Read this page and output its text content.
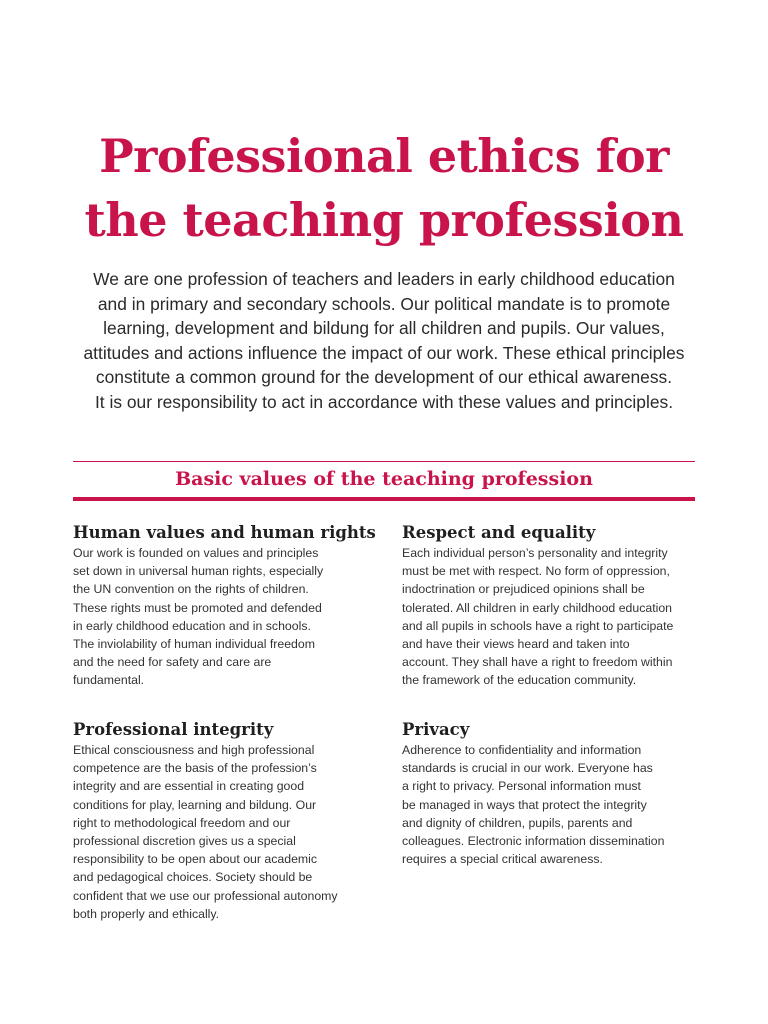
Professional ethics for
the teaching profession

We are one profession of teachers and leaders in early childhood education
and in primary and secondary schools. Our political mandate is to promote
learning, development and bildung for all children and pupils. Our values,
attitudes and actions influence the impact of our work. These ethical principles
constitute a common ground for the development of our ethical awareness.
It is our responsibility to act in accordance with these values and principles.

Basic values of the teaching profession
Human values and human rights

Our work is founded on values and principles
set down in universal human rights, especially
the UN convention on the rights of children.
These rights must be promoted and defended
in early childhood education and in schools.
The inviolability of human individual freedom
and the need for safety and care are
fundamental.

Respect and equality

Each individual person’s personality and integrity
must be met with respect. No form of oppression,
indoctrination or prejudiced opinions shall be
tolerated. All children in early childhood education
and all pupils in schools have a right to participate
and have their views heard and taken into
account. They shall have a right to freedom within
the framework of the education community.

Professional integrity

Ethical consciousness and high professional
competence are the basis of the profession’s
integrity and are essential in creating good
conditions for play, learning and bildung. Our
right to methodological freedom and our
professional discretion gives us a special
responsibility to be open about our academic
and pedagogical choices. Society should be
confident that we use our professional autonomy
both properly and ethically.

Privacy

Adherence to confidentiality and information
standards is crucial in our work. Everyone has
a right to privacy. Personal information must
be managed in ways that protect the integrity
and dignity of children, pupils, parents and
colleagues. Electronic information dissemination
requires a special critical awareness.
